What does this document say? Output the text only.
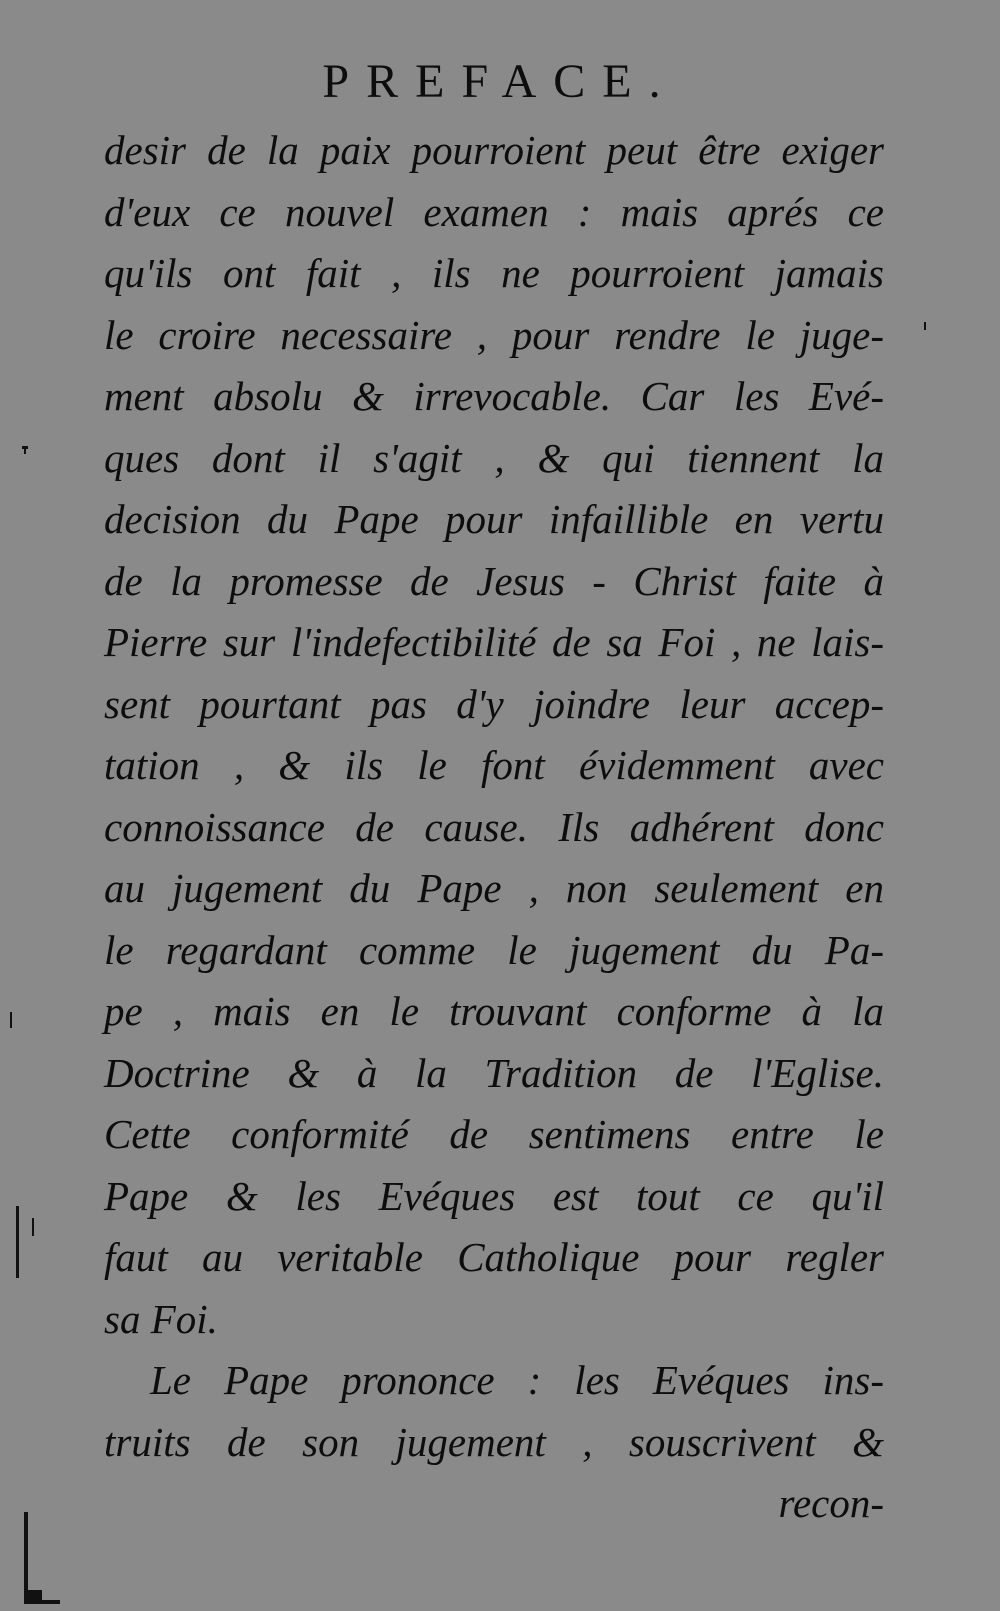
PREFACE.
desir de la paix pourroient peut être exiger
d'eux ce nouvel examen : mais aprés ce
qu'ils ont fait , ils ne pourroient jamais
le croire necessaire , pour rendre le juge-
ment absolu & irrevocable. Car les Evé-
ques dont il s'agit , & qui tiennent la
decision du Pape pour infaillible en vertu
de la promesse de Jesus - Christ faite à
Pierre sur l'indefectibilité de sa Foi , ne lais-
sent pourtant pas d'y joindre leur accep-
tation , & ils le font évidemment avec
connoissance de cause. Ils adhérent donc
au jugement du Pape , non seulement en
le regardant comme le jugement du Pa-
pe , mais en le trouvant conforme à la
Doctrine & à la Tradition de l'Eglise.
Cette conformité de sentimens entre le
Pape & les Evéques est tout ce qu'il
faut au veritable Catholique pour regler
sa Foi.
Le Pape prononce : les Evéques ins-
truits de son jugement , souscrivent &
recon-
